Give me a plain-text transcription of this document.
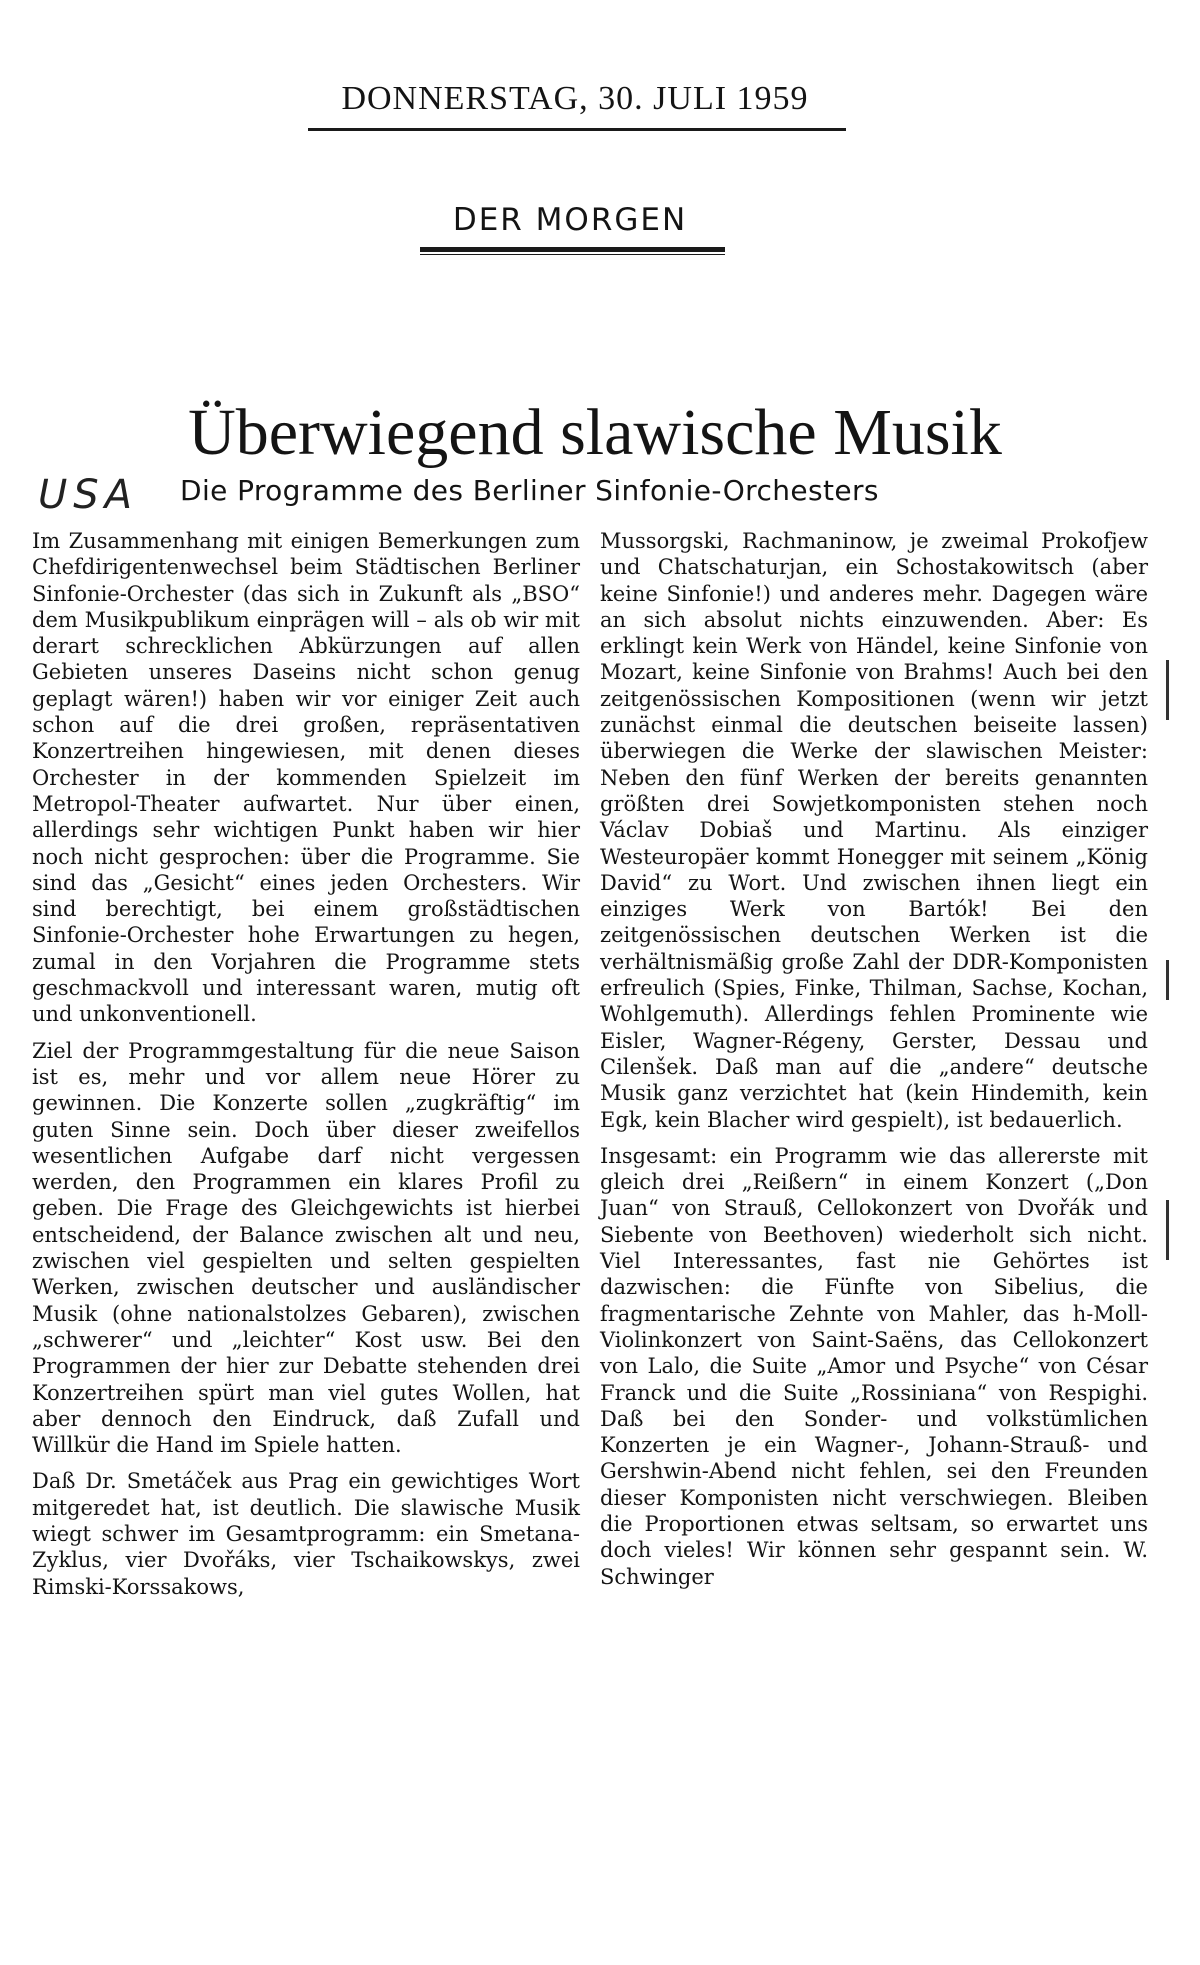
DONNERSTAG, 30. JULI 1959
DER MORGEN
Überwiegend slawische Musik
USA Die Programme des Berliner Sinfonie-Orchesters

Im Zusammenhang mit einigen Bemerkungen zum Chefdirigentenwechsel beim Städtischen Berliner Sinfonie-Orchester (das sich in Zukunft als „BSO“ dem Musikpublikum einprägen will – als ob wir mit derart schrecklichen Abkürzungen auf allen Gebieten unseres Daseins nicht schon genug geplagt wären!) haben wir vor einiger Zeit auch schon auf die drei großen, repräsentativen Konzertreihen hingewiesen, mit denen dieses Orchester in der kommenden Spielzeit im Metropol-Theater aufwartet. Nur über einen, allerdings sehr wichtigen Punkt haben wir hier noch nicht gesprochen: über die Programme. Sie sind das „Gesicht“ eines jeden Orchesters. Wir sind berechtigt, bei einem großstädtischen Sinfonie-Orchester hohe Erwartungen zu hegen, zumal in den Vorjahren die Programme stets geschmackvoll und interessant waren, mutig oft und unkonventionell.

Ziel der Programmgestaltung für die neue Saison ist es, mehr und vor allem neue Hörer zu gewinnen. Die Konzerte sollen „zugkräftig“ im guten Sinne sein. Doch über dieser zweifellos wesentlichen Aufgabe darf nicht vergessen werden, den Programmen ein klares Profil zu geben. Die Frage des Gleichgewichts ist hierbei entscheidend, der Balance zwischen alt und neu, zwischen viel gespielten und selten gespielten Werken, zwischen deutscher und ausländischer Musik (ohne nationalstolzes Gebaren), zwischen „schwerer“ und „leichter“ Kost usw. Bei den Programmen der hier zur Debatte stehenden drei Konzertreihen spürt man viel gutes Wollen, hat aber dennoch den Eindruck, daß Zufall und Willkür die Hand im Spiele hatten.

Daß Dr. Smetáček aus Prag ein gewichtiges Wort mitgeredet hat, ist deutlich. Die slawische Musik wiegt schwer im Gesamtprogramm: ein Smetana-Zyklus, vier Dvořáks, vier Tschaikowskys, zwei Rimski-Korssakows,

Mussorgski, Rachmaninow, je zweimal Prokofjew und Chatschaturjan, ein Schostakowitsch (aber keine Sinfonie!) und anderes mehr. Dagegen wäre an sich absolut nichts einzuwenden. Aber: Es erklingt kein Werk von Händel, keine Sinfonie von Mozart, keine Sinfonie von Brahms! Auch bei den zeitgenössischen Kompositionen (wenn wir jetzt zunächst einmal die deutschen beiseite lassen) überwiegen die Werke der slawischen Meister: Neben den fünf Werken der bereits genannten größten drei Sowjetkomponisten stehen noch Václav Dobiaš und Martinu. Als einziger Westeuropäer kommt Honegger mit seinem „König David“ zu Wort. Und zwischen ihnen liegt ein einziges Werk von Bartók! Bei den zeitgenössischen deutschen Werken ist die verhältnismäßig große Zahl der DDR-Komponisten erfreulich (Spies, Finke, Thilman, Sachse, Kochan, Wohlgemuth). Allerdings fehlen Prominente wie Eisler, Wagner-Régeny, Gerster, Dessau und Cilenšek. Daß man auf die „andere“ deutsche Musik ganz verzichtet hat (kein Hindemith, kein Egk, kein Blacher wird gespielt), ist bedauerlich.

Insgesamt: ein Programm wie das allererste mit gleich drei „Reißern“ in einem Konzert („Don Juan“ von Strauß, Cellokonzert von Dvořák und Siebente von Beethoven) wiederholt sich nicht. Viel Interessantes, fast nie Gehörtes ist dazwischen: die Fünfte von Sibelius, die fragmentarische Zehnte von Mahler, das h-Moll-Violinkonzert von Saint-Saëns, das Cellokonzert von Lalo, die Suite „Amor und Psyche“ von César Franck und die Suite „Rossiniana“ von Respighi. Daß bei den Sonder- und volkstümlichen Konzerten je ein Wagner-, Johann-Strauß- und Gershwin-Abend nicht fehlen, sei den Freunden dieser Komponisten nicht verschwiegen. Bleiben die Proportionen etwas seltsam, so erwartet uns doch vieles! Wir können sehr gespannt sein. W. Schwinger
